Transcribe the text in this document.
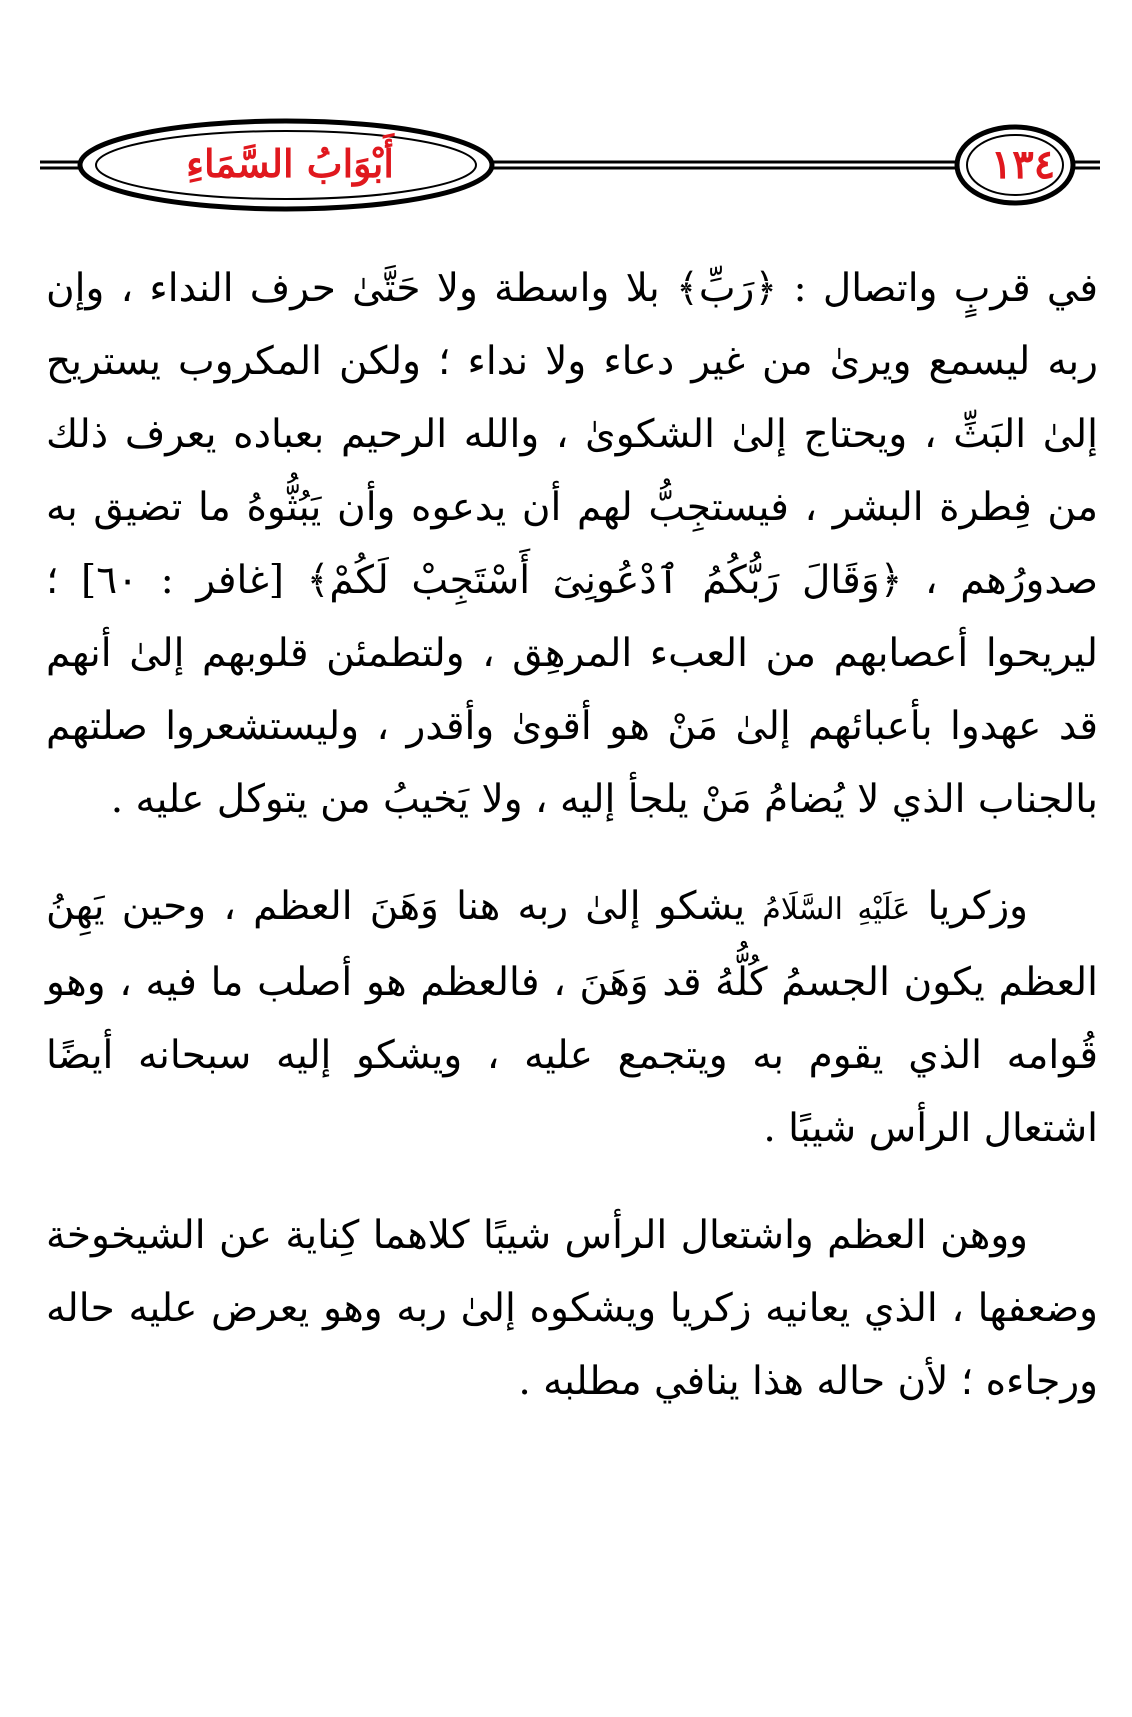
أَبْوَابُ السَّمَاءِ	١٣٤

في قربٍ واتصال : ﴿رَبِّ﴾ بلا واسطة ولا حَتَّىٰ حرف النداء ، وإن ربه ليسمع ويرىٰ من غير دعاء ولا نداء ؛ ولكن المكروب يستريح إلىٰ البَثِّ ، ويحتاج إلىٰ الشكوىٰ ، والله الرحيم بعباده يعرف ذلك من فِطرة البشر ، فيستجِبُّ لهم أن يدعوه وأن يَبُثُّوهُ ما تضيق به صدورُهم ، ﴿وَقَالَ رَبُّكُمُ ٱدْعُونِىٓ أَسْتَجِبْ لَكُمْ﴾ [غافر : ٦٠] ؛ ليريحوا أعصابهم من العبء المرهِق ، ولتطمئن قلوبهم إلىٰ أنهم قد عهدوا بأعبائهم إلىٰ مَنْ هو أقوىٰ وأقدر ، وليستشعروا صلتهم بالجناب الذي لا يُضامُ مَنْ يلجأ إليه ، ولا يَخيبُ من يتوكل عليه .

وزكريا عَلَيْهِ السَّلَامُ يشكو إلىٰ ربه هنا وَهَنَ العظم ، وحين يَهِنُ العظم يكون الجسمُ كُلُّهُ قد وَهَنَ ، فالعظم هو أصلب ما فيه ، وهو قُوامه الذي يقوم به ويتجمع عليه ، ويشكو إليه سبحانه أيضًا اشتعال الرأس شيبًا .

ووهن العظم واشتعال الرأس شيبًا كلاهما كِناية عن الشيخوخة وضعفها ، الذي يعانيه زكريا ويشكوه إلىٰ ربه وهو يعرض عليه حاله ورجاءه ؛ لأن حاله هذا ينافي مطلبه .
